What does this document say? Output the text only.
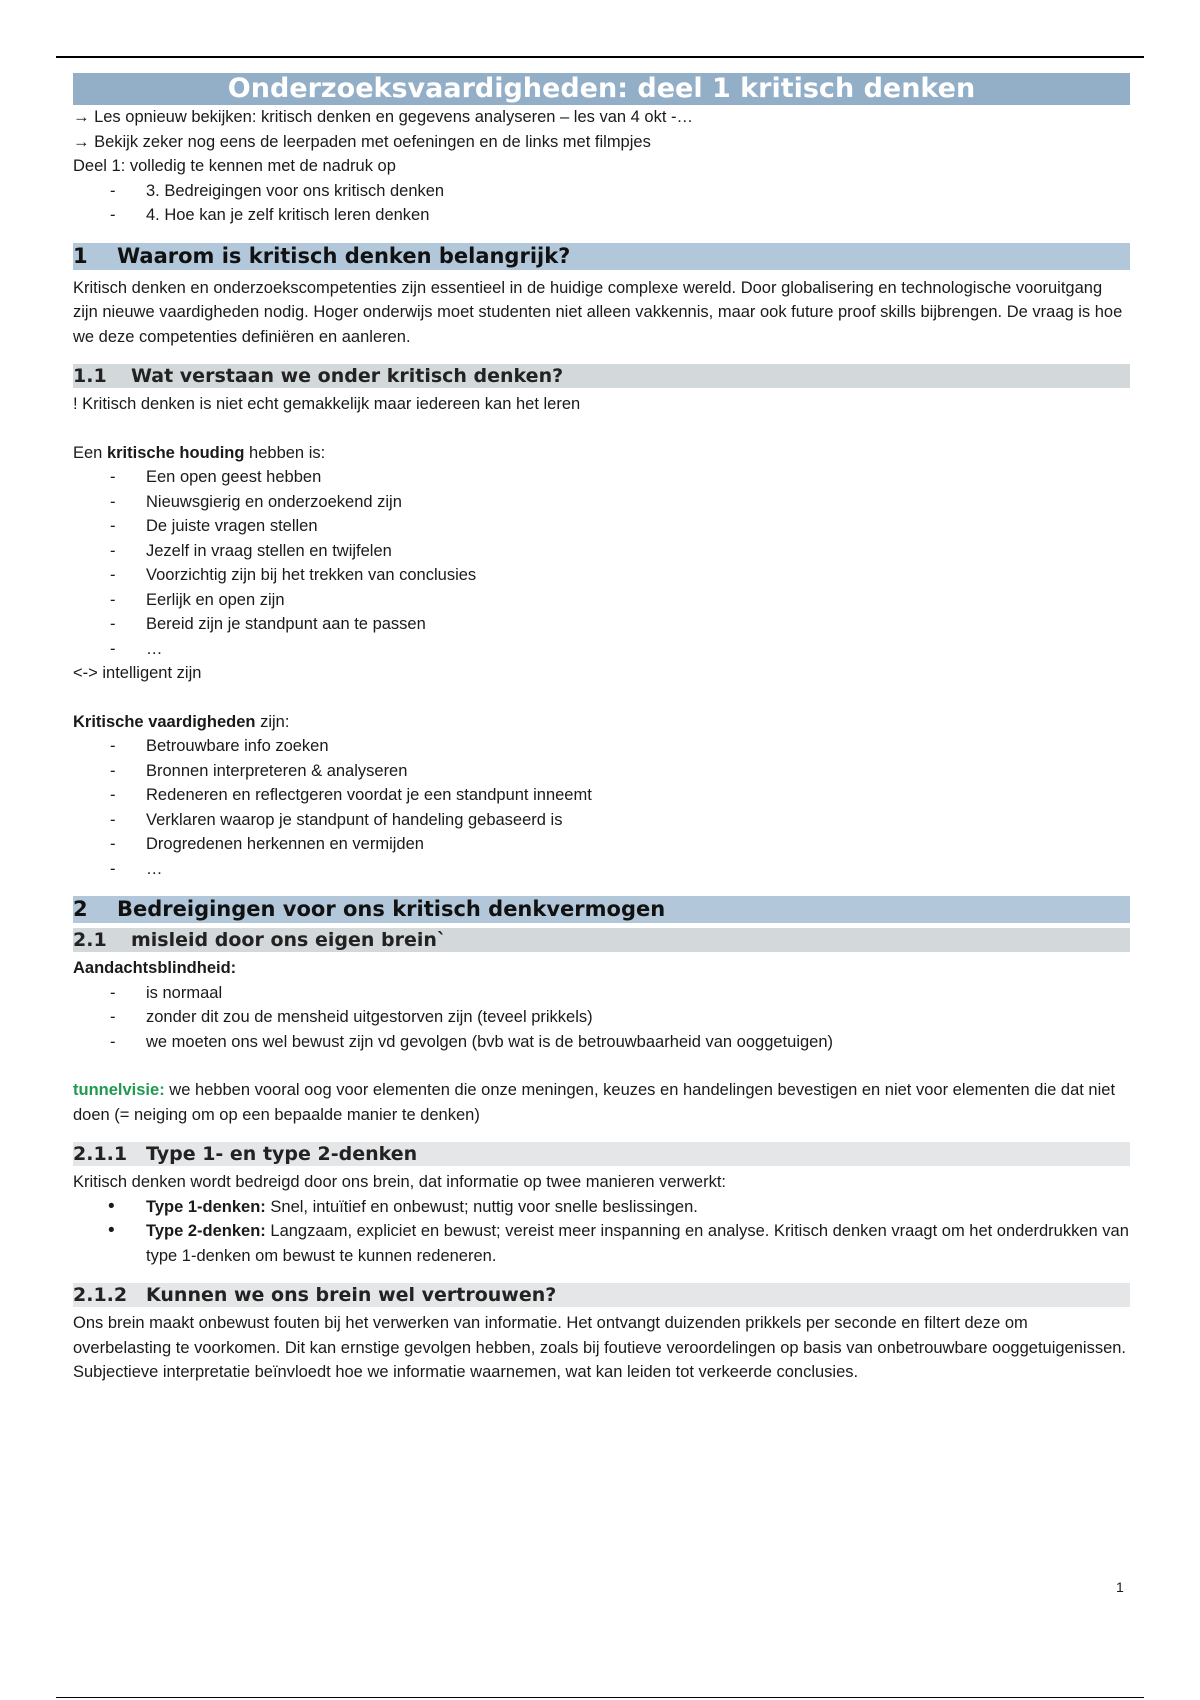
Onderzoeksvaardigheden: deel 1 kritisch denken

→ Les opnieuw bekijken: kritisch denken en gegevens analyseren – les van 4 okt -…

→ Bekijk zeker nog eens de leerpaden met oefeningen en de links met filmpjes

Deel 1: volledig te kennen met de nadruk op

- 3. Bedreigingen voor ons kritisch denken
- 4. Hoe kan je zelf kritisch leren denken
1	Waarom is kritisch denken belangrijk?

Kritisch denken en onderzoekscompetenties zijn essentieel in de huidige complexe wereld. Door globalisering en technologische vooruitgang zijn nieuwe vaardigheden nodig. Hoger onderwijs moet studenten niet alleen vakkennis, maar ook future proof skills bijbrengen. De vraag is hoe we deze competenties definiëren en aanleren.

1.1	Wat verstaan we onder kritisch denken?

! Kritisch denken is niet echt gemakkelijk maar iedereen kan het leren

Een kritische houding hebben is:

- Een open geest hebben
- Nieuwsgierig en onderzoekend zijn
- De juiste vragen stellen
- Jezelf in vraag stellen en twijfelen
- Voorzichtig zijn bij het trekken van conclusies
- Eerlijk en open zijn
- Bereid zijn je standpunt aan te passen
- …

<-> intelligent zijn

Kritische vaardigheden zijn:

- Betrouwbare info zoeken
- Bronnen interpreteren & analyseren
- Redeneren en reflectgeren voordat je een standpunt inneemt
- Verklaren waarop je standpunt of handeling gebaseerd is
- Drogredenen herkennen en vermijden
- …
2	Bedreigingen voor ons kritisch denkvermogen
2.1	misleid door ons eigen brein`

Aandachtsblindheid:

- is normaal
- zonder dit zou de mensheid uitgestorven zijn (teveel prikkels)
- we moeten ons wel bewust zijn vd gevolgen (bvb wat is de betrouwbaarheid van ooggetuigen)

tunnelvisie: we hebben vooral oog voor elementen die onze meningen, keuzes en handelingen bevestigen en niet voor elementen die dat niet doen (= neiging om op een bepaalde manier te denken)

2.1.1 Type 1- en type 2-denken

Kritisch denken wordt bedreigd door ons brein, dat informatie op twee manieren verwerkt:

• Type 1-denken: Snel, intuïtief en onbewust; nuttig voor snelle beslissingen.
• Type 2-denken: Langzaam, expliciet en bewust; vereist meer inspanning en analyse. Kritisch denken vraagt om het onderdrukken van type 1-denken om bewust te kunnen redeneren.
2.1.2 Kunnen we ons brein wel vertrouwen?

Ons brein maakt onbewust fouten bij het verwerken van informatie. Het ontvangt duizenden prikkels per seconde en filtert deze om overbelasting te voorkomen. Dit kan ernstige gevolgen hebben, zoals bij foutieve veroordelingen op basis van onbetrouwbare ooggetuigenissen. Subjectieve interpretatie beïnvloedt hoe we informatie waarnemen, wat kan leiden tot verkeerde conclusies.

1
